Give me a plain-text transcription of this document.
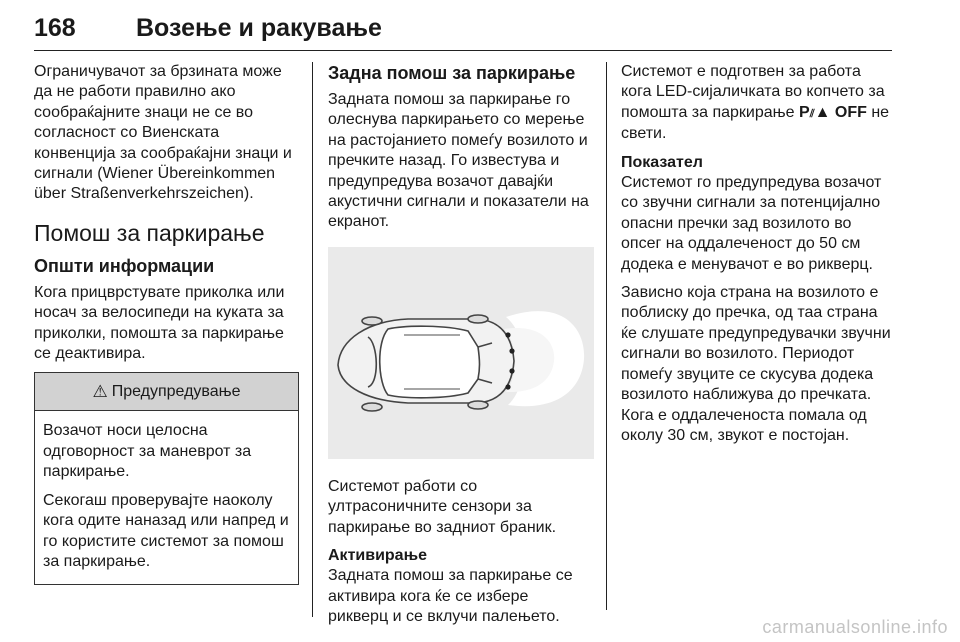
168 Возење и ракување

Ограничувачот за брзината може да не работи правилно ако сообраќајните знаци не се во согласност со Виенската конвенција за сообраќајни знаци и сигнали (Wiener Übereinkommen über Straßenverkehrszeichen).

Помош за паркирање
Општи информации

Кога прицврстувате приколка или носач за велосипеди на куката за приколки, помошта за паркирање се деактивира.

⚠ Предупредување

Возачот носи целосна одговорност за маневрот за паркирање.

Секогаш проверувајте наоколу кога одите наназад или напред и го користите системот за помош за паркирање.

Задна помош за паркирање

Задната помош за паркирање го олеснува паркирањето со мерење на растојанието помеѓу возилото и пречките назад. Го известува и предупредува возачот давајќи акустични сигнали и показатели на екранот.

Системот работи со ултрасоничните сензори за паркирање во задниот браник.

Активирање

Задната помош за паркирање се активира кога ќе се избере рикверц и се вклучи палењето.

Системот е подготвен за работа кога LED-сијаличката во копчето за помошта за паркирање P⫽▲ OFF не свети.

Показател

Системот го предупредува возачот со звучни сигнали за потенцијално опасни пречки зад возилото во опсег на оддалеченост до 50 см додека е менувачот е во рикверц.

Зависно која страна на возилото е поблиску до пречка, од таа страна ќе слушате предупредувачки звучни сигнали во возилото. Периодот помеѓу звуците се скусува додека возилото наближува до пречката. Кога е оддалеченоста помала од околу 30 см, звукот е постојан.

carmanualsonline.info
